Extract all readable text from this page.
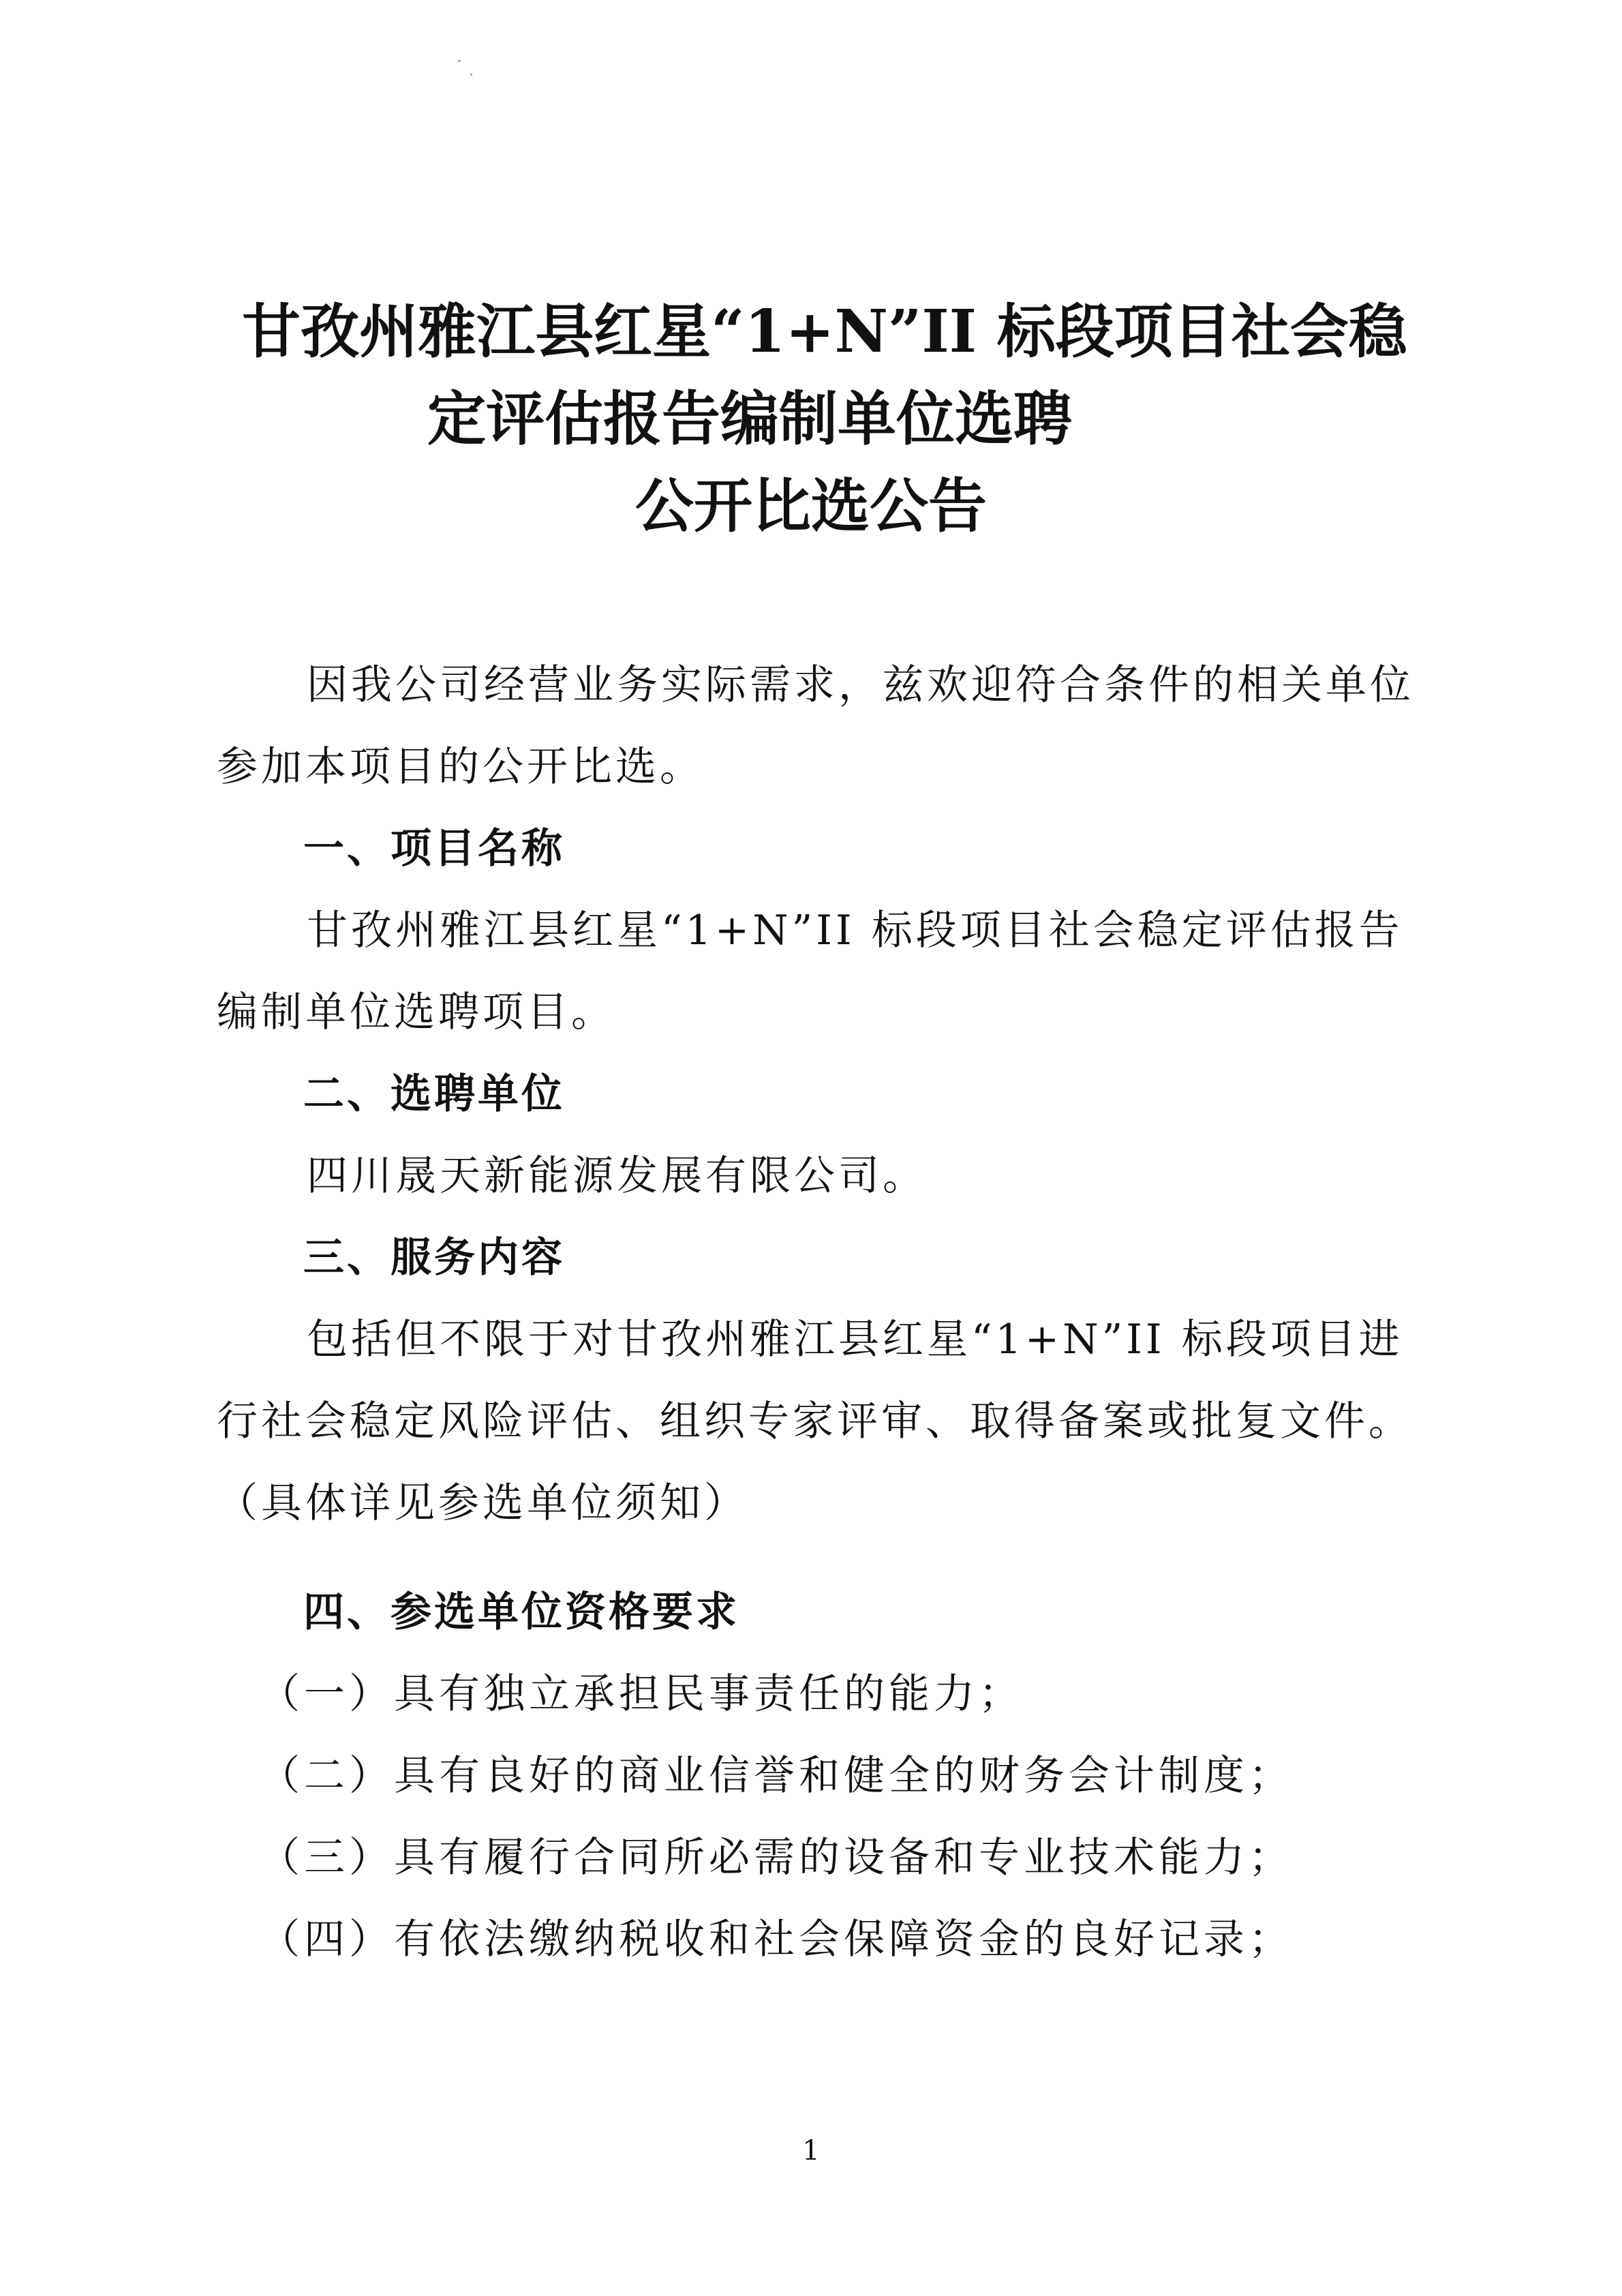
甘孜州雅江县红星“1+N”II 标段项目社会稳
定评估报告编制单位选聘
公开比选公告
因我公司经营业务实际需求，兹欢迎符合条件的相关单位参加本项目的公开比选。
一、项目名称
甘孜州雅江县红星“1+N”II 标段项目社会稳定评估报告编制单位选聘项目。
二、选聘单位
四川晟天新能源发展有限公司。
三、服务内容
包括但不限于对甘孜州雅江县红星“1+N”II 标段项目进行社会稳定风险评估、组织专家评审、取得备案或批复文件。（具体详见参选单位须知）
四、参选单位资格要求
（一）具有独立承担民事责任的能力；
（二）具有良好的商业信誉和健全的财务会计制度；
（三）具有履行合同所必需的设备和专业技术能力；
（四）有依法缴纳税收和社会保障资金的良好记录；
1
